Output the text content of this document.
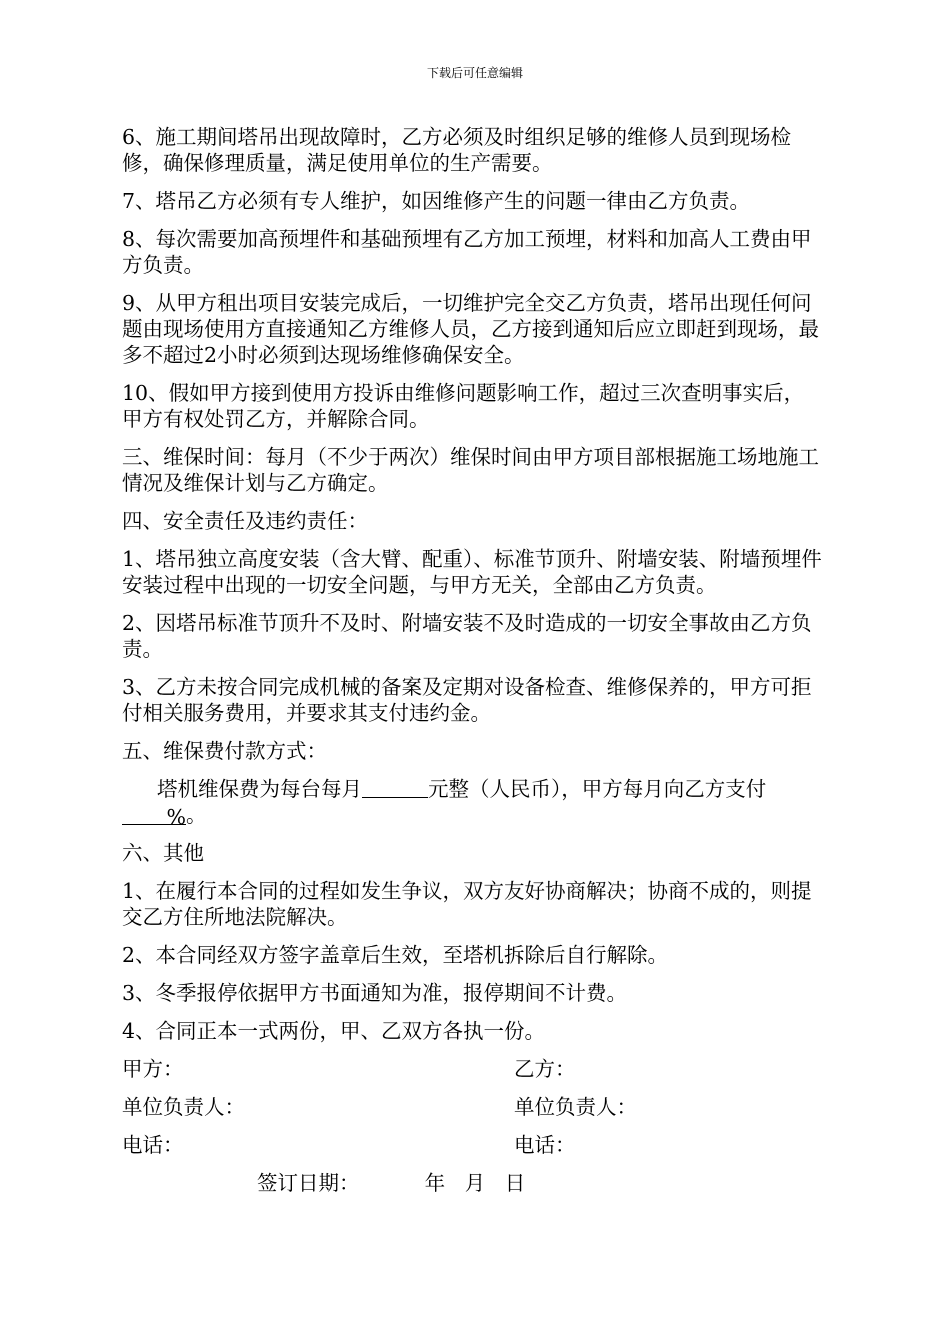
下载后可任意编辑

6、施工期间塔吊出现故障时，乙方必须及时组织足够的维修人员到现场检修，确保修理质量，满足使用单位的生产需要。

7、塔吊乙方必须有专人维护，如因维修产生的问题一律由乙方负责。

8、每次需要加高预埋件和基础预埋有乙方加工预埋，材料和加高人工费由甲方负责。

9、从甲方租出项目安装完成后，一切维护完全交乙方负责，塔吊出现任何问题由现场使用方直接通知乙方维修人员，乙方接到通知后应立即赶到现场，最多不超过2小时必须到达现场维修确保安全。

10、假如甲方接到使用方投诉由维修问题影响工作，超过三次查明事实后，甲方有权处罚乙方，并解除合同。

三、维保时间：每月（不少于两次）维保时间由甲方项目部根据施工场地施工情况及维保计划与乙方确定。

四、安全责任及违约责任：

1、塔吊独立高度安装（含大臂、配重）、标准节顶升、附墙安装、附墙预埋件安装过程中出现的一切安全问题，与甲方无关，全部由乙方负责。

2、因塔吊标准节顶升不及时、附墙安装不及时造成的一切安全事故由乙方负责。

3、乙方未按合同完成机械的备案及定期对设备检查、维修保养的，甲方可拒付相关服务费用，并要求其支付违约金。

五、维保费付款方式：

塔机维保费为每台每月	元整（人民币），甲方每月向乙方支付%。

六、其他

1、在履行本合同的过程如发生争议，双方友好协商解决；协商不成的，则提交乙方住所地法院解决。

2、本合同经双方签字盖章后生效，至塔机拆除后自行解除。

3、冬季报停依据甲方书面通知为准，报停期间不计费。

4、合同正本一式两份，甲、乙双方各执一份。

甲方：	乙方：
单位负责人：	单位负责人：
电话：	电话：
签订日期：	年 月 日
